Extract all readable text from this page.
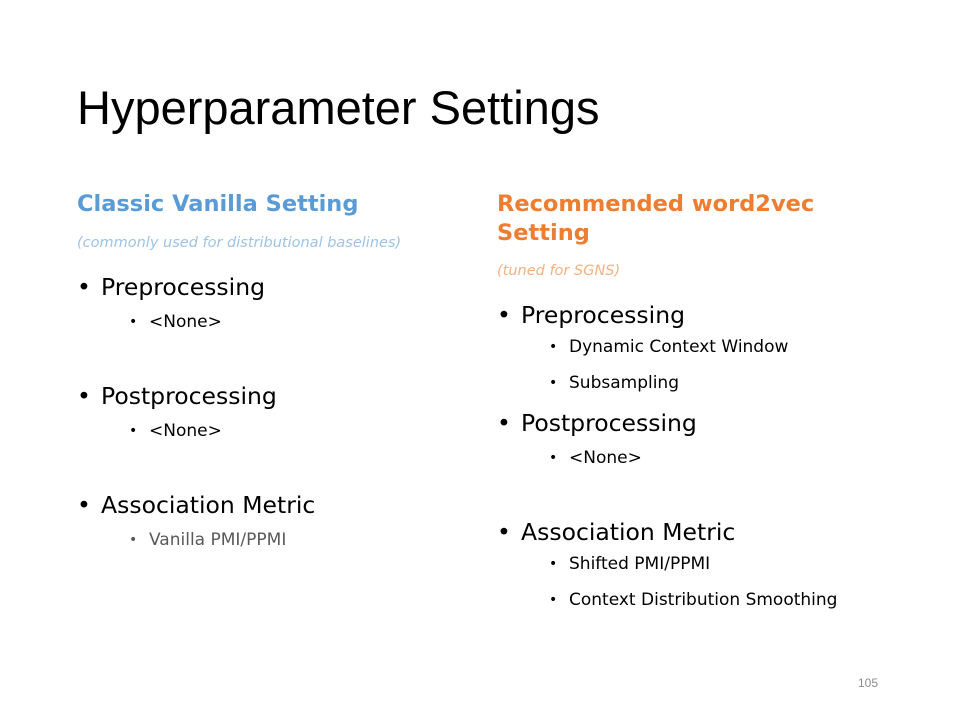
Hyperparameter Settings

Classic Vanilla Setting

(commonly used for distributional baselines)

• Preprocessing
• <None>
• Postprocessing
• <None>
• Association Metric
• Vanilla PMI/PPMI

Recommended word2vec Setting

(tuned for SGNS)

• Preprocessing
• Dynamic Context Window
• Subsampling
• Postprocessing
• <None>
• Association Metric
• Shifted PMI/PPMI
• Context Distribution Smoothing
105
